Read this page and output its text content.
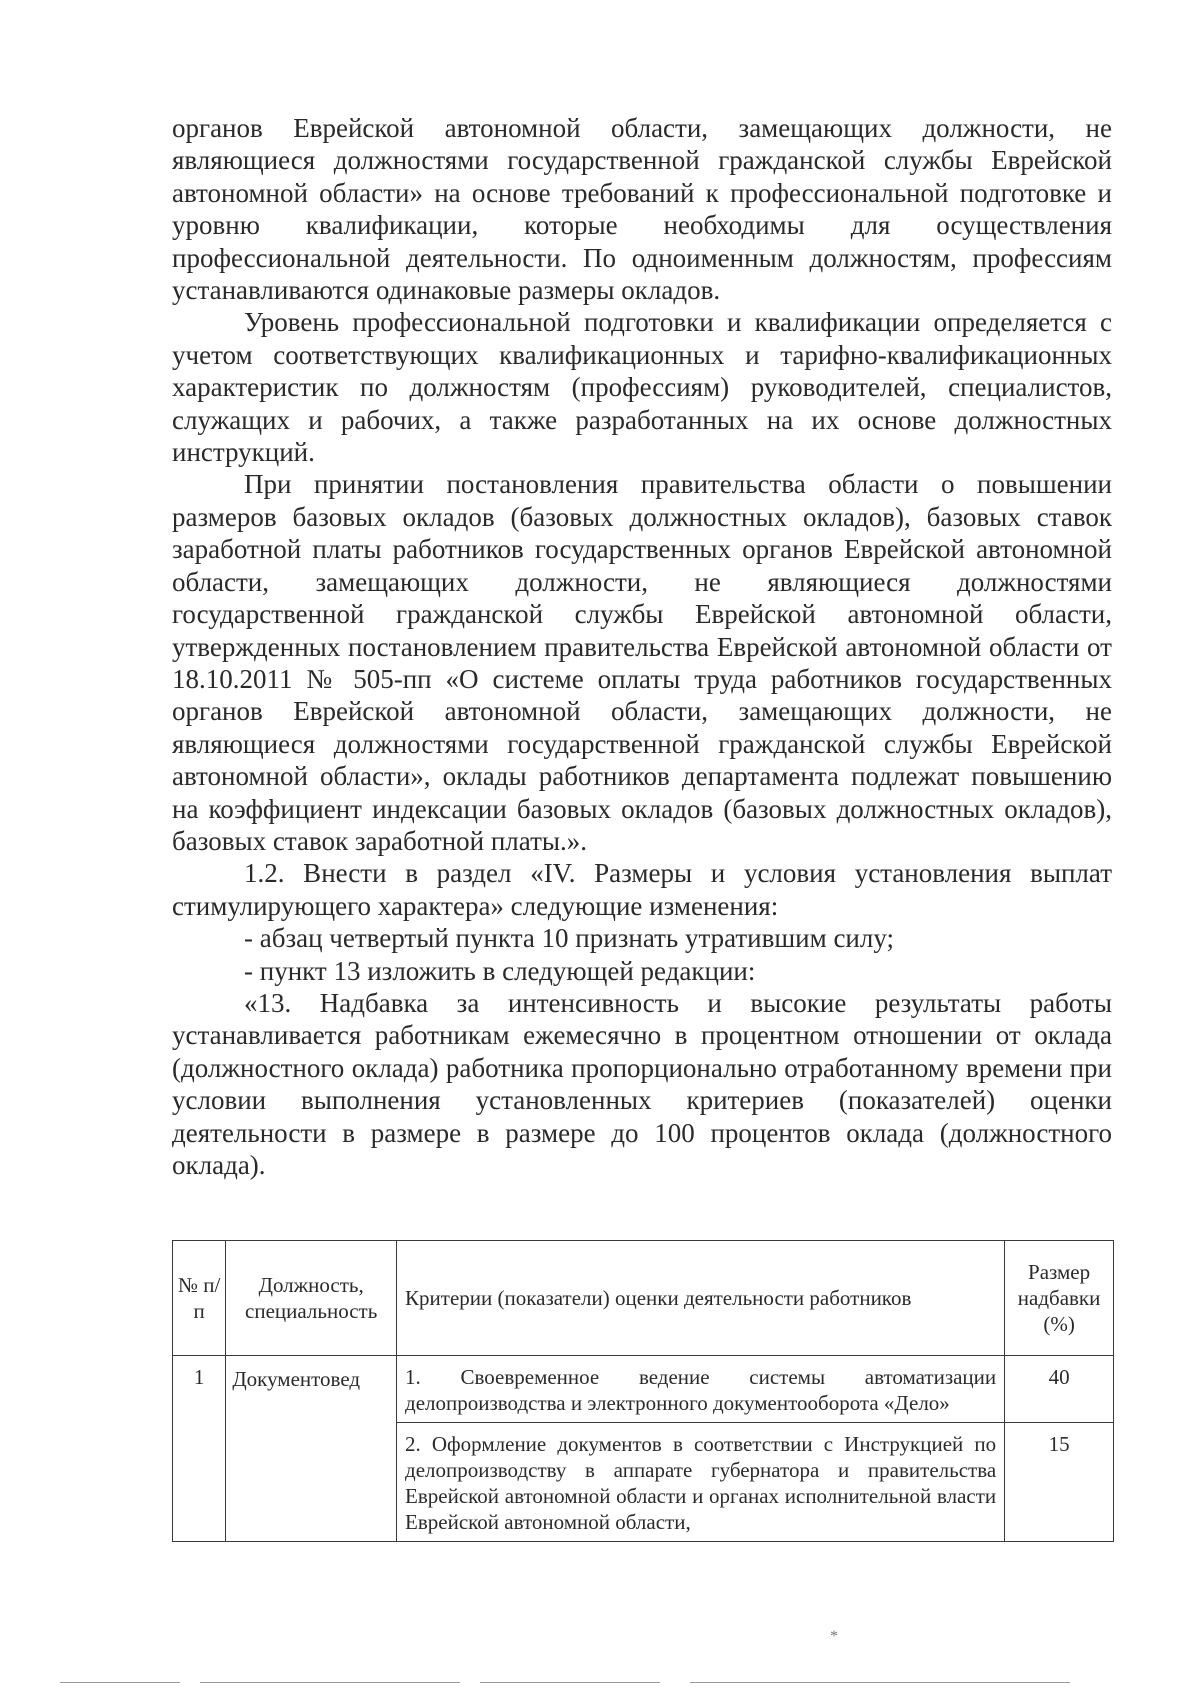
органов Еврейской автономной области, замещающих должности, не являющиеся должностями государственной гражданской службы Еврейской автономной области» на основе требований к профессиональной подготовке и уровню квалификации, которые необходимы для осуществления профессиональной деятельности. По одноименным должностям, профессиям устанавливаются одинаковые размеры окладов.

Уровень профессиональной подготовки и квалификации определяется с учетом соответствующих квалификационных и тарифно-квалификационных характеристик по должностям (профессиям) руководителей, специалистов, служащих и рабочих, а также разработанных на их основе должностных инструкций.

При принятии постановления правительства области о повышении размеров базовых окладов (базовых должностных окладов), базовых ставок заработной платы работников государственных органов Еврейской автономной области, замещающих должности, не являющиеся должностями государственной гражданской службы Еврейской автономной области, утвержденных постановлением правительства Еврейской автономной области от 18.10.2011 № 505-пп «О системе оплаты труда работников государственных органов Еврейской автономной области, замещающих должности, не являющиеся должностями государственной гражданской службы Еврейской автономной области», оклады работников департамента подлежат повышению на коэффициент индексации базовых окладов (базовых должностных окладов), базовых ставок заработной платы.».

1.2. Внести в раздел «IV. Размеры и условия установления выплат стимулирующего характера» следующие изменения:

- абзац четвертый пункта 10 признать утратившим силу;

- пункт 13 изложить в следующей редакции:

«13. Надбавка за интенсивность и высокие результаты работы устанавливается работникам ежемесячно в процентном отношении от оклада (должностного оклада) работника пропорционально отработанному времени при условии выполнения установленных критериев (показателей) оценки деятельности в размере в размере до 100 процентов оклада (должностного оклада).

№ п/п	Должность, специальность	Критерии (показатели) оценки деятельности работников	Размер надбавки (%)
1	Документовед	1. Своевременное ведение системы автоматизации делопроизводства и электронного документооборота «Дело»	40
		2. Оформление документов в соответствии с Инструкцией по делопроизводству в аппарате губернатора и правительства Еврейской автономной области и органах исполнительной власти Еврейской автономной области,	15
*
